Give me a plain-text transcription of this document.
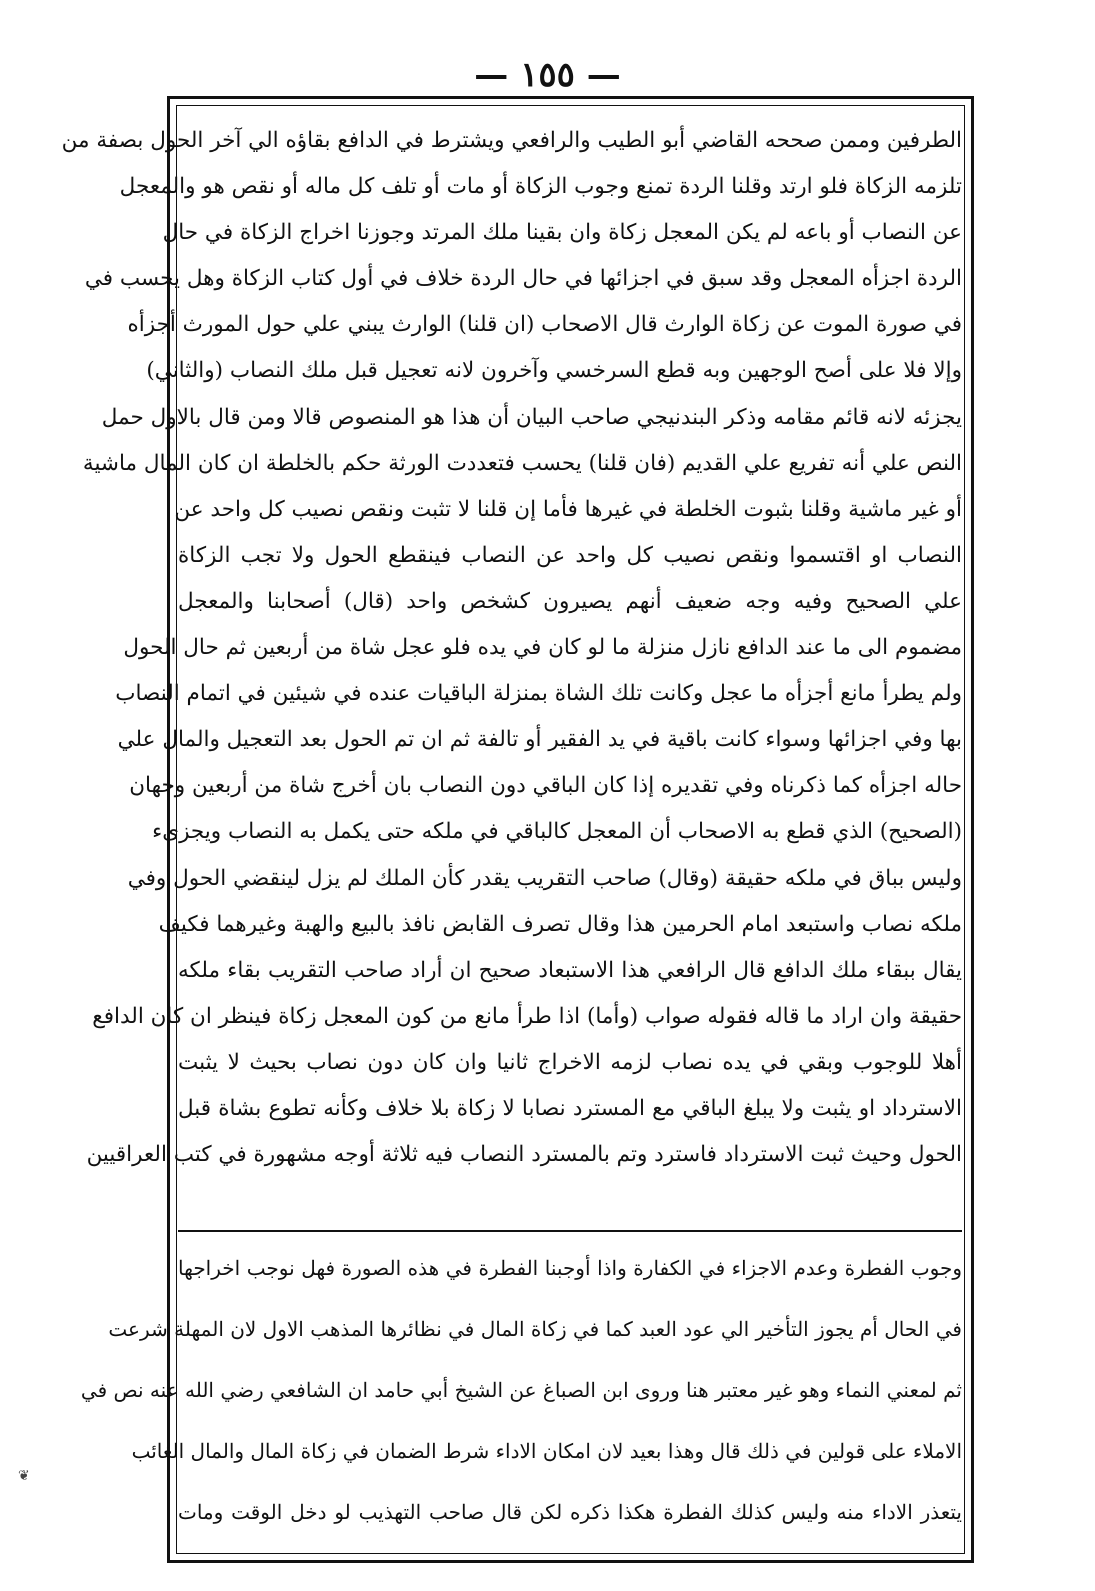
— ١٥٥ —
الطرفين وممن صححه القاضي أبو الطيب والرافعي ويشترط في الدافع بقاؤه الي آخر الحول بصفة من
تلزمه الزكاة فلو ارتد وقلنا الردة تمنع وجوب الزكاة أو مات أو تلف كل ماله أو نقص هو والمعجل
عن النصاب أو باعه لم يكن المعجل زكاة وان بقينا ملك المرتد وجوزنا اخراج الزكاة في حال
الردة اجزأه المعجل وقد سبق في اجزائها في حال الردة خلاف في أول كتاب الزكاة وهل يحسب في
في صورة الموت عن زكاة الوارث قال الاصحاب (ان قلنا) الوارث يبني علي حول المورث أجزأه
وإلا فلا على أصح الوجهين وبه قطع السرخسي وآخرون لانه تعجيل قبل ملك النصاب (والثاني)
يجزئه لانه قائم مقامه وذكر البندنيجي صاحب البيان أن هذا هو المنصوص قالا ومن قال بالاول حمل
النص علي أنه تفريع علي القديم (فان قلنا) يحسب فتعددت الورثة حكم بالخلطة ان كان المال ماشية
أو غير ماشية وقلنا بثبوت الخلطة في غيرها فأما إن قلنا لا تثبت ونقص نصيب كل واحد عن
النصاب او اقتسموا ونقص نصيب كل واحد عن النصاب فينقطع الحول ولا تجب الزكاة
علي الصحيح وفيه وجه ضعيف أنهم يصيرون كشخص واحد (قال) أصحابنا والمعجل
مضموم الى ما عند الدافع نازل منزلة ما لو كان في يده فلو عجل شاة من أربعين ثم حال الحول
ولم يطرأ مانع أجزأه ما عجل وكانت تلك الشاة بمنزلة الباقيات عنده في شيئين في اتمام النصاب
بها وفي اجزائها وسواء كانت باقية في يد الفقير أو تالفة ثم ان تم الحول بعد التعجيل والمال علي
حاله اجزأه كما ذكرناه وفي تقديره إذا كان الباقي دون النصاب بان أخرج شاة من أربعين وجهان
(الصحيح) الذي قطع به الاصحاب أن المعجل كالباقي في ملكه حتى يكمل به النصاب ويجزىء
وليس بباق في ملكه حقيقة (وقال) صاحب التقريب يقدر كأن الملك لم يزل لينقضي الحول وفي
ملكه نصاب واستبعد امام الحرمين هذا وقال تصرف القابض نافذ بالبيع والهبة وغيرهما فكيف
يقال ببقاء ملك الدافع قال الرافعي هذا الاستبعاد صحيح ان أراد صاحب التقريب بقاء ملكه
حقيقة وان اراد ما قاله فقوله صواب (وأما) اذا طرأ مانع من كون المعجل زكاة فينظر ان كان الدافع
أهلا للوجوب وبقي في يده نصاب لزمه الاخراج ثانيا وان كان دون نصاب بحيث لا يثبت
الاسترداد او يثبت ولا يبلغ الباقي مع المسترد نصابا لا زكاة بلا خلاف وكأنه تطوع بشاة قبل
الحول وحيث ثبت الاسترداد فاسترد وتم بالمسترد النصاب فيه ثلاثة أوجه مشهورة في كتب العراقيين
وجوب الفطرة وعدم الاجزاء في الكفارة واذا أوجبنا الفطرة في هذه الصورة فهل نوجب اخراجها
في الحال أم يجوز التأخير الي عود العبد كما في زكاة المال في نظائرها المذهب الاول لان المهلة شرعت
ثم لمعني النماء وهو غير معتبر هنا وروى ابن الصباغ عن الشيخ أبي حامد ان الشافعي رضي الله عنه نص في
الاملاء على قولين في ذلك قال وهذا بعيد لان امكان الاداء شرط الضمان في زكاة المال والمال الغائب
يتعذر الاداء منه وليس كذلك الفطرة هكذا ذكره لكن قال صاحب التهذيب لو دخل الوقت ومات
❦
